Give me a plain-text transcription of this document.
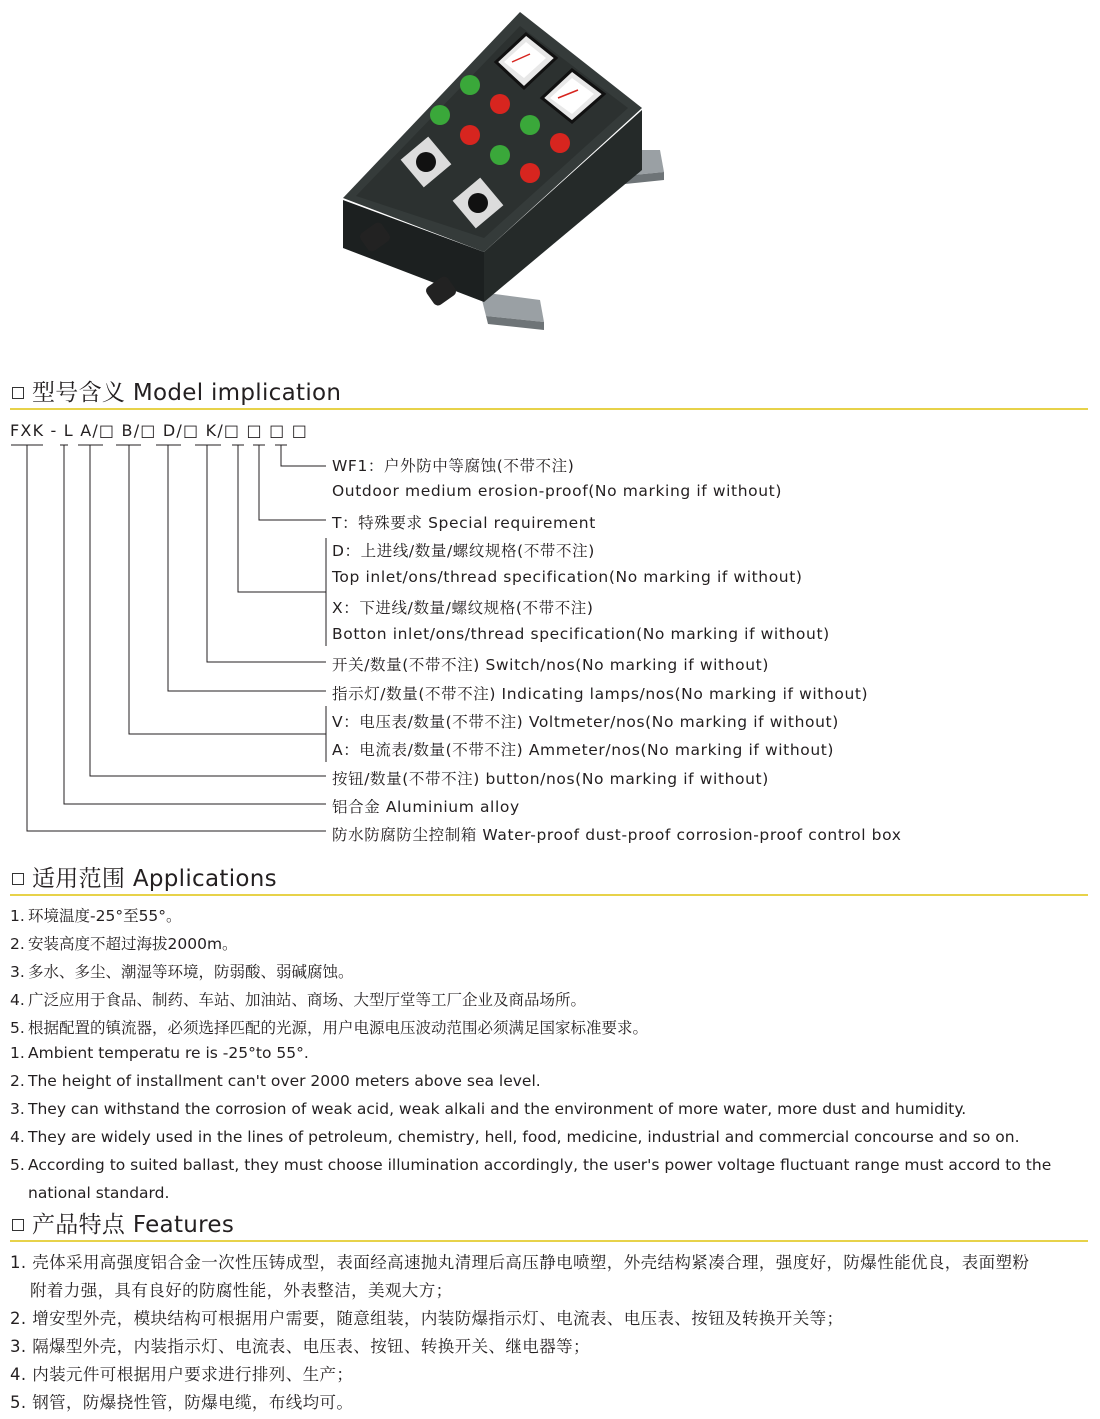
型号含义 Model implication
FXK - L A/□ B/□ D/□ K/□ □ □ □
WF1：户外防中等腐蚀(不带不注)
Outdoor medium erosion-proof(No marking if without)
T：特殊要求 Special requirement
D：上进线/数量/螺纹规格(不带不注)
Top inlet/ons/thread specification(No marking if without)
X：下进线/数量/螺纹规格(不带不注)
Botton inlet/ons/thread specification(No marking if without)
开关/数量(不带不注) Switch/nos(No marking if without)
指示灯/数量(不带不注) Indicating lamps/nos(No marking if without)
V：电压表/数量(不带不注) Voltmeter/nos(No marking if without)
A：电流表/数量(不带不注) Ammeter/nos(No marking if without)
按钮/数量(不带不注) button/nos(No marking if without)
铝合金 Aluminium alloy
防水防腐防尘控制箱 Water-proof dust-proof corrosion-proof control box
适用范围 Applications
1. 环境温度-25°至55°。
2. 安装高度不超过海拔2000m。
3. 多水、多尘、潮湿等环境，防弱酸、弱碱腐蚀。
4. 广泛应用于食品、制药、车站、加油站、商场、大型厅堂等工厂企业及商品场所。
5. 根据配置的镇流器，必须选择匹配的光源，用户电源电压波动范围必须满足国家标准要求。
1. Ambient temperatu re is -25°to 55°.
2. The height of installment can't over 2000 meters above sea level.
3. They can withstand the corrosion of weak acid, weak alkali and the environment of more water, more dust and humidity.
4. They are widely used in the lines of petroleum, chemistry, hell, food, medicine, industrial and commercial concourse and so on.
5. According to suited ballast, they must choose illumination accordingly, the user's power voltage fluctuant range must accord to the
national standard.
产品特点 Features
1. 壳体采用高强度铝合金一次性压铸成型，表面经高速抛丸清理后高压静电喷塑，外壳结构紧凑合理，强度好，防爆性能优良，表面塑粉
附着力强，具有良好的防腐性能，外表整洁，美观大方；
2. 增安型外壳，模块结构可根据用户需要，随意组装，内装防爆指示灯、电流表、电压表、按钮及转换开关等；
3. 隔爆型外壳，内装指示灯、电流表、电压表、按钮、转换开关、继电器等；
4. 内装元件可根据用户要求进行排列、生产；
5. 钢管，防爆挠性管，防爆电缆，布线均可。
